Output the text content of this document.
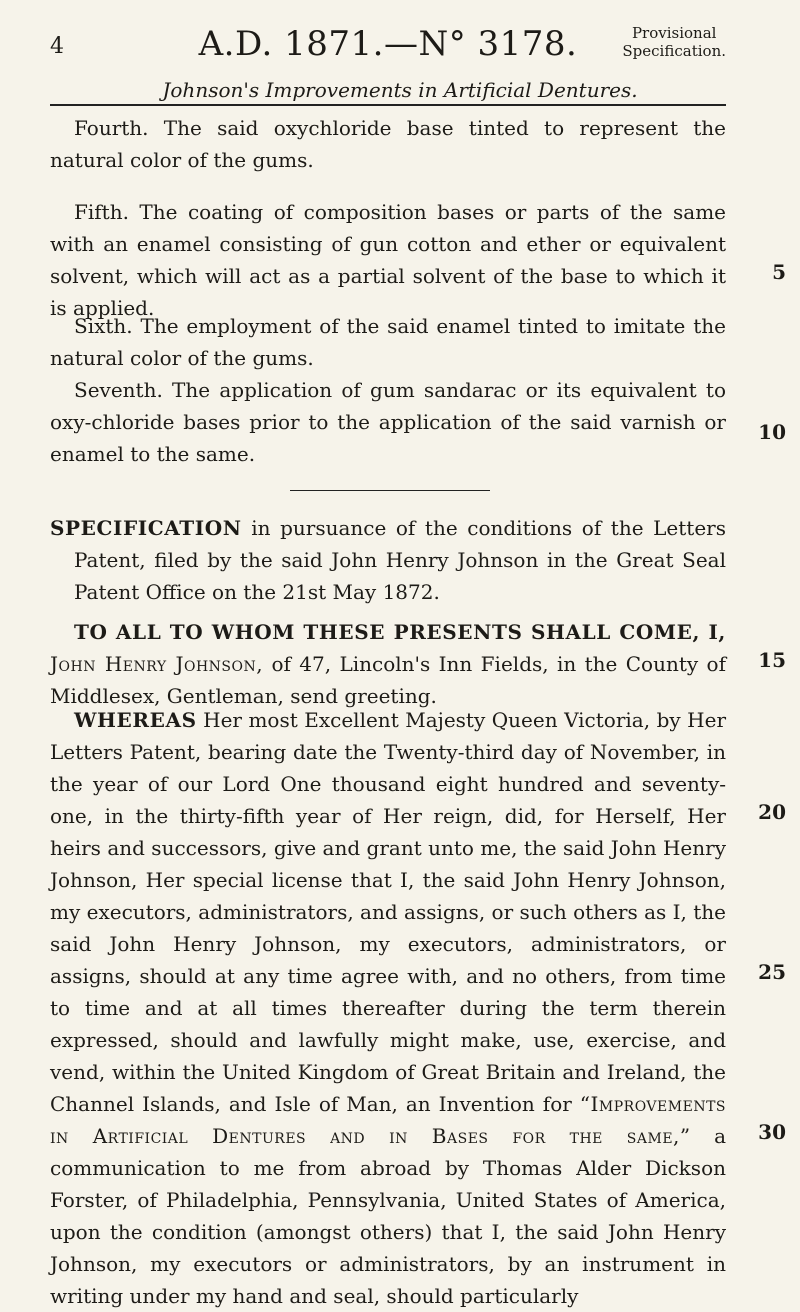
4	A.D. 1871.—N° 3178.	Provisional
Specification.
Johnson's Improvements in Artificial Dentures.

Fourth. The said oxychloride base tinted to represent the natural color of the gums.

Fifth. The coating of composition bases or parts of the same with an enamel consisting of gun cotton and ether or equivalent solvent, which will act as a partial solvent of the base to which it is applied.

Sixth. The employment of the said enamel tinted to imitate the natural color of the gums.

Seventh. The application of gum sandarac or its equivalent to oxy-chloride bases prior to the application of the said varnish or enamel to the same.

SPECIFICATION in pursuance of the conditions of the Letters Patent, filed by the said John Henry Johnson in the Great Seal Patent Office on the 21st May 1872.

TO ALL TO WHOM THESE PRESENTS SHALL COME, I, John Henry Johnson, of 47, Lincoln's Inn Fields, in the County of Middlesex, Gentleman, send greeting.

WHEREAS Her most Excellent Majesty Queen Victoria, by Her Letters Patent, bearing date the Twenty-third day of November, in the year of our Lord One thousand eight hundred and seventy-one, in the thirty-fifth year of Her reign, did, for Herself, Her heirs and successors, give and grant unto me, the said John Henry Johnson, Her special license that I, the said John Henry Johnson, my executors, administrators, and assigns, or such others as I, the said John Henry Johnson, my executors, administrators, or assigns, should at any time agree with, and no others, from time to time and at all times thereafter during the term therein expressed, should and lawfully might make, use, exercise, and vend, within the United Kingdom of Great Britain and Ireland, the Channel Islands, and Isle of Man, an Invention for “Improvements in Artificial Dentures and in Bases for the same,” a communication to me from abroad by Thomas Alder Dickson Forster, of Philadelphia, Pennsylvania, United States of America, upon the condition (amongst others) that I, the said John Henry Johnson, my executors or administrators, by an instrument in writing under my hand and seal, should particularly

5
10
15
20
25
30
